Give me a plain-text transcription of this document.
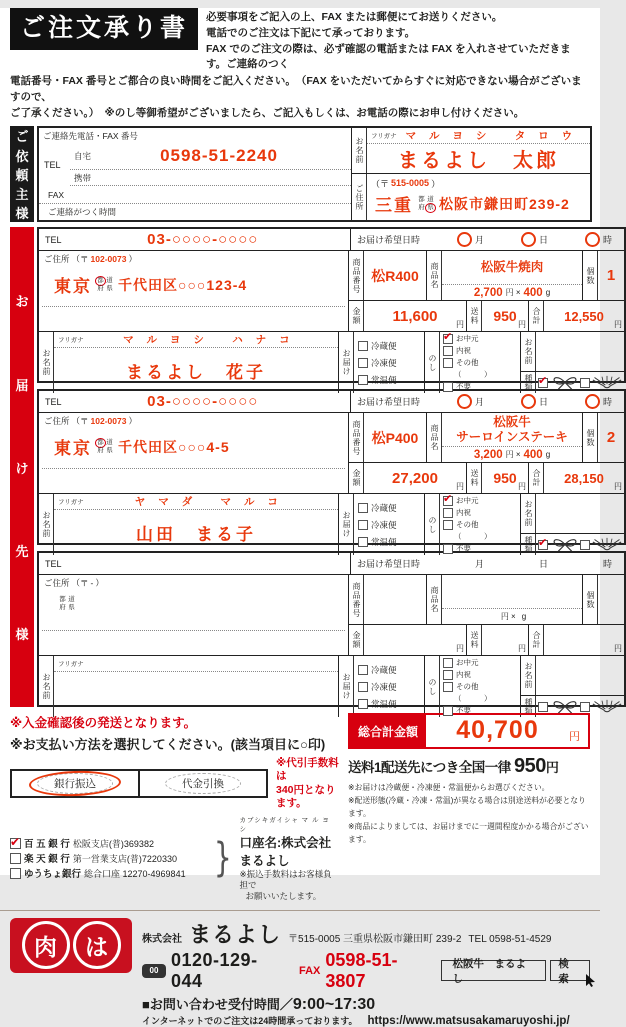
ご注文承り書	必要事項をご記入の上、FAX または郵便にてお送りください。
電話でのご注文は下記にて承っております。
FAX でのご注文の際は、必ず確認の電話または FAX を入れさせていただきます。ご連絡のつく
電話番号・FAX 番号とご都合の良い時間をご記入ください。　（FAX をいただいてからすぐに対応できない場合がございますので、
ご了承ください。）　※のし等御希望がございましたら、ご記入もしくは、お電話の際にお申し付けください。
ご
依
頼
主
様
ご連絡先電話・FAX 番号
TEL
自宅	0598-51-2240
携帯
FAX
ご連絡がつく時間
お名前
フリガナ マ ル ヨ シ　 タ ロ ウ
まるよし　太郎
ご住所 （〒 515-0005 ）
三重 都 道
府 県 松阪市鎌田町239-2
お
届
け
先
様
TEL	03-○○○○-○○○○	お届け希望日時	月	日	時
ご住所 （〒 102-0073 ）
東京 都 道
府 県 千代田区○○○123-4	商品番号 松R400	商品名	松阪牛焼肉
2,700 円 × 400 g
個数 1
金額 11,600 円 送料 950
円 合計 12,550
円
お名前
フリガナ	マ ル ヨ シ　 ハ ナ コ
まるよし　花子	お届け
冷蔵便
冷凍便
常温便
のし
✔
お中元
内祝
その他
（　　　）
不要
お名前
種類
✔
TEL	03-○○○○-○○○○	お届け希望日時	月	日	時
ご住所 （〒 102-0073 ）
東京 都 道
府 県 千代田区○○○4-5	商品番号 松P400	商品名
松阪牛
サーロインステーキ
3,200 円 × 400 g
個数 2
金額 27,200 円 送料 950
円 合計 28,150
円
お名前
フリガナ	ヤ マ ダ　 マ ル コ
山田　まる子	お届け
冷蔵便
冷凍便
常温便
のし
✔
お中元
内祝
その他
（　　　）
不要
お名前
種類
✔
TEL	お届け希望日時	月	日	時
ご住所 （〒 - ）
都 道
府 県	商品番号	商品名
円 × g
個数
金額	円 送料	円 合計	円
お名前
フリガナ
お届け
冷蔵便
冷凍便
常温便
のし
お中元
内祝
その他
（　　　）
不要
お名前
種類
※入金確認後の発送となります。
※お支払い方法を選択してください。(該当項目に○印)
銀行振込	代金引換
※代引手数料は
340円となります。
✔
百 五 銀 行 松阪支店(普)369382
楽 天 銀 行 第一営業支店(普)7220330
ゆうちょ銀行 総合口座 12270-4969841 }
カブシキガイシャ マ ル ヨ シ
口座名:株式会社まるよし
※振込手数料はお客様負担で
お願いいたします。
総合計金額	40,700	円
送料1配送先につき全国一律 950円
※お届けは冷蔵便・冷凍便・常温便からお選びください。
※配送形態(冷蔵・冷凍・常温)が異なる場合は別途送料が必要となります。
※商品によりましては、お届けまでに一週間程度かかる場合がございます。
肉	は	株式会社 まるよし 〒515-0005 三重県松阪市鎌田町 239-2 TEL 0598-51-4529
00
0120-129-044	FAX
0598-51-3807
松阪牛　まるよし
検 索
■お問い合わせ受付時間／9:00~17:30
インターネットでのご注文は24時間承っております。 https://www.matsusakamaruyoshi.jp/
